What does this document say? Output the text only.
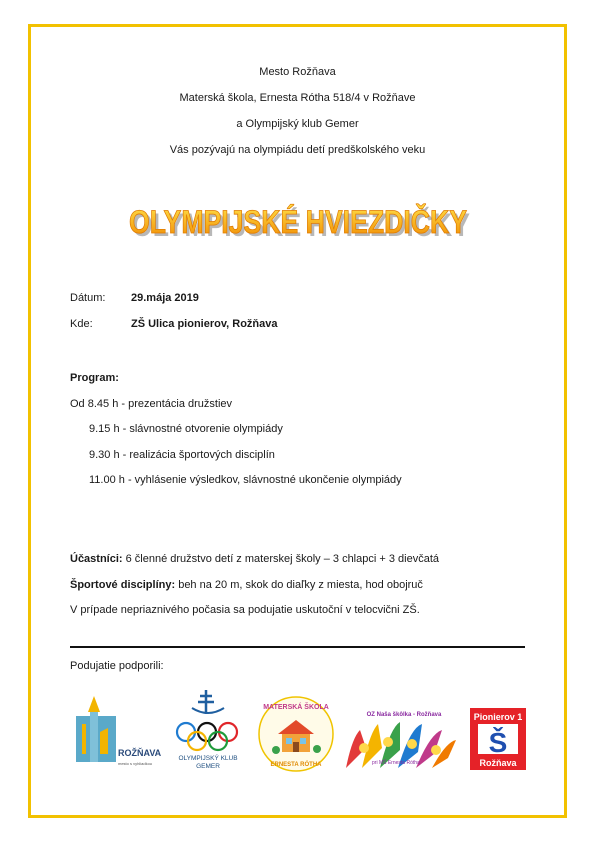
Mesto Rožňava
Materská škola, Ernesta Rótha 518/4 v Rožňave
a Olympijský klub Gemer
Vás pozývajú na olympiádu detí predškolského veku
OLYMPIJSKÉ HVIEZDIČKY
OLYMPIJSKÉ HVIEZDIČKY
Dátum: 29.mája 2019
Kde:	ZŠ Ulica pionierov, Rožňava
Program:
Od 8.45 h - prezentácia družstiev
9.15 h - slávnostné otvorenie olympiády
9.30 h - realizácia športových disciplín
11.00 h - vyhlásenie výsledkov, slávnostné ukončenie olympiády
Účastníci: 6 členné družstvo detí z materskej školy – 3 chlapci + 3 dievčatá
Športové disciplíny: beh na 20 m, skok do diaľky z miesta, hod obojruč
V prípade nepriaznivého počasia sa podujatie uskutoční v telocvični ZŠ.
Podujatie podporili:
ROŽŇAVA
mesto s vyhliadkou
OLYMPIJSKÝ KLUB
GEMER
MATERSKÁ ŠKOLA
ERNESTA RÓTHA
OZ Naša škôlka - Rožňava
pri MŠ Ernesta Rótha
Pionierov 1
Š
Rožňava
